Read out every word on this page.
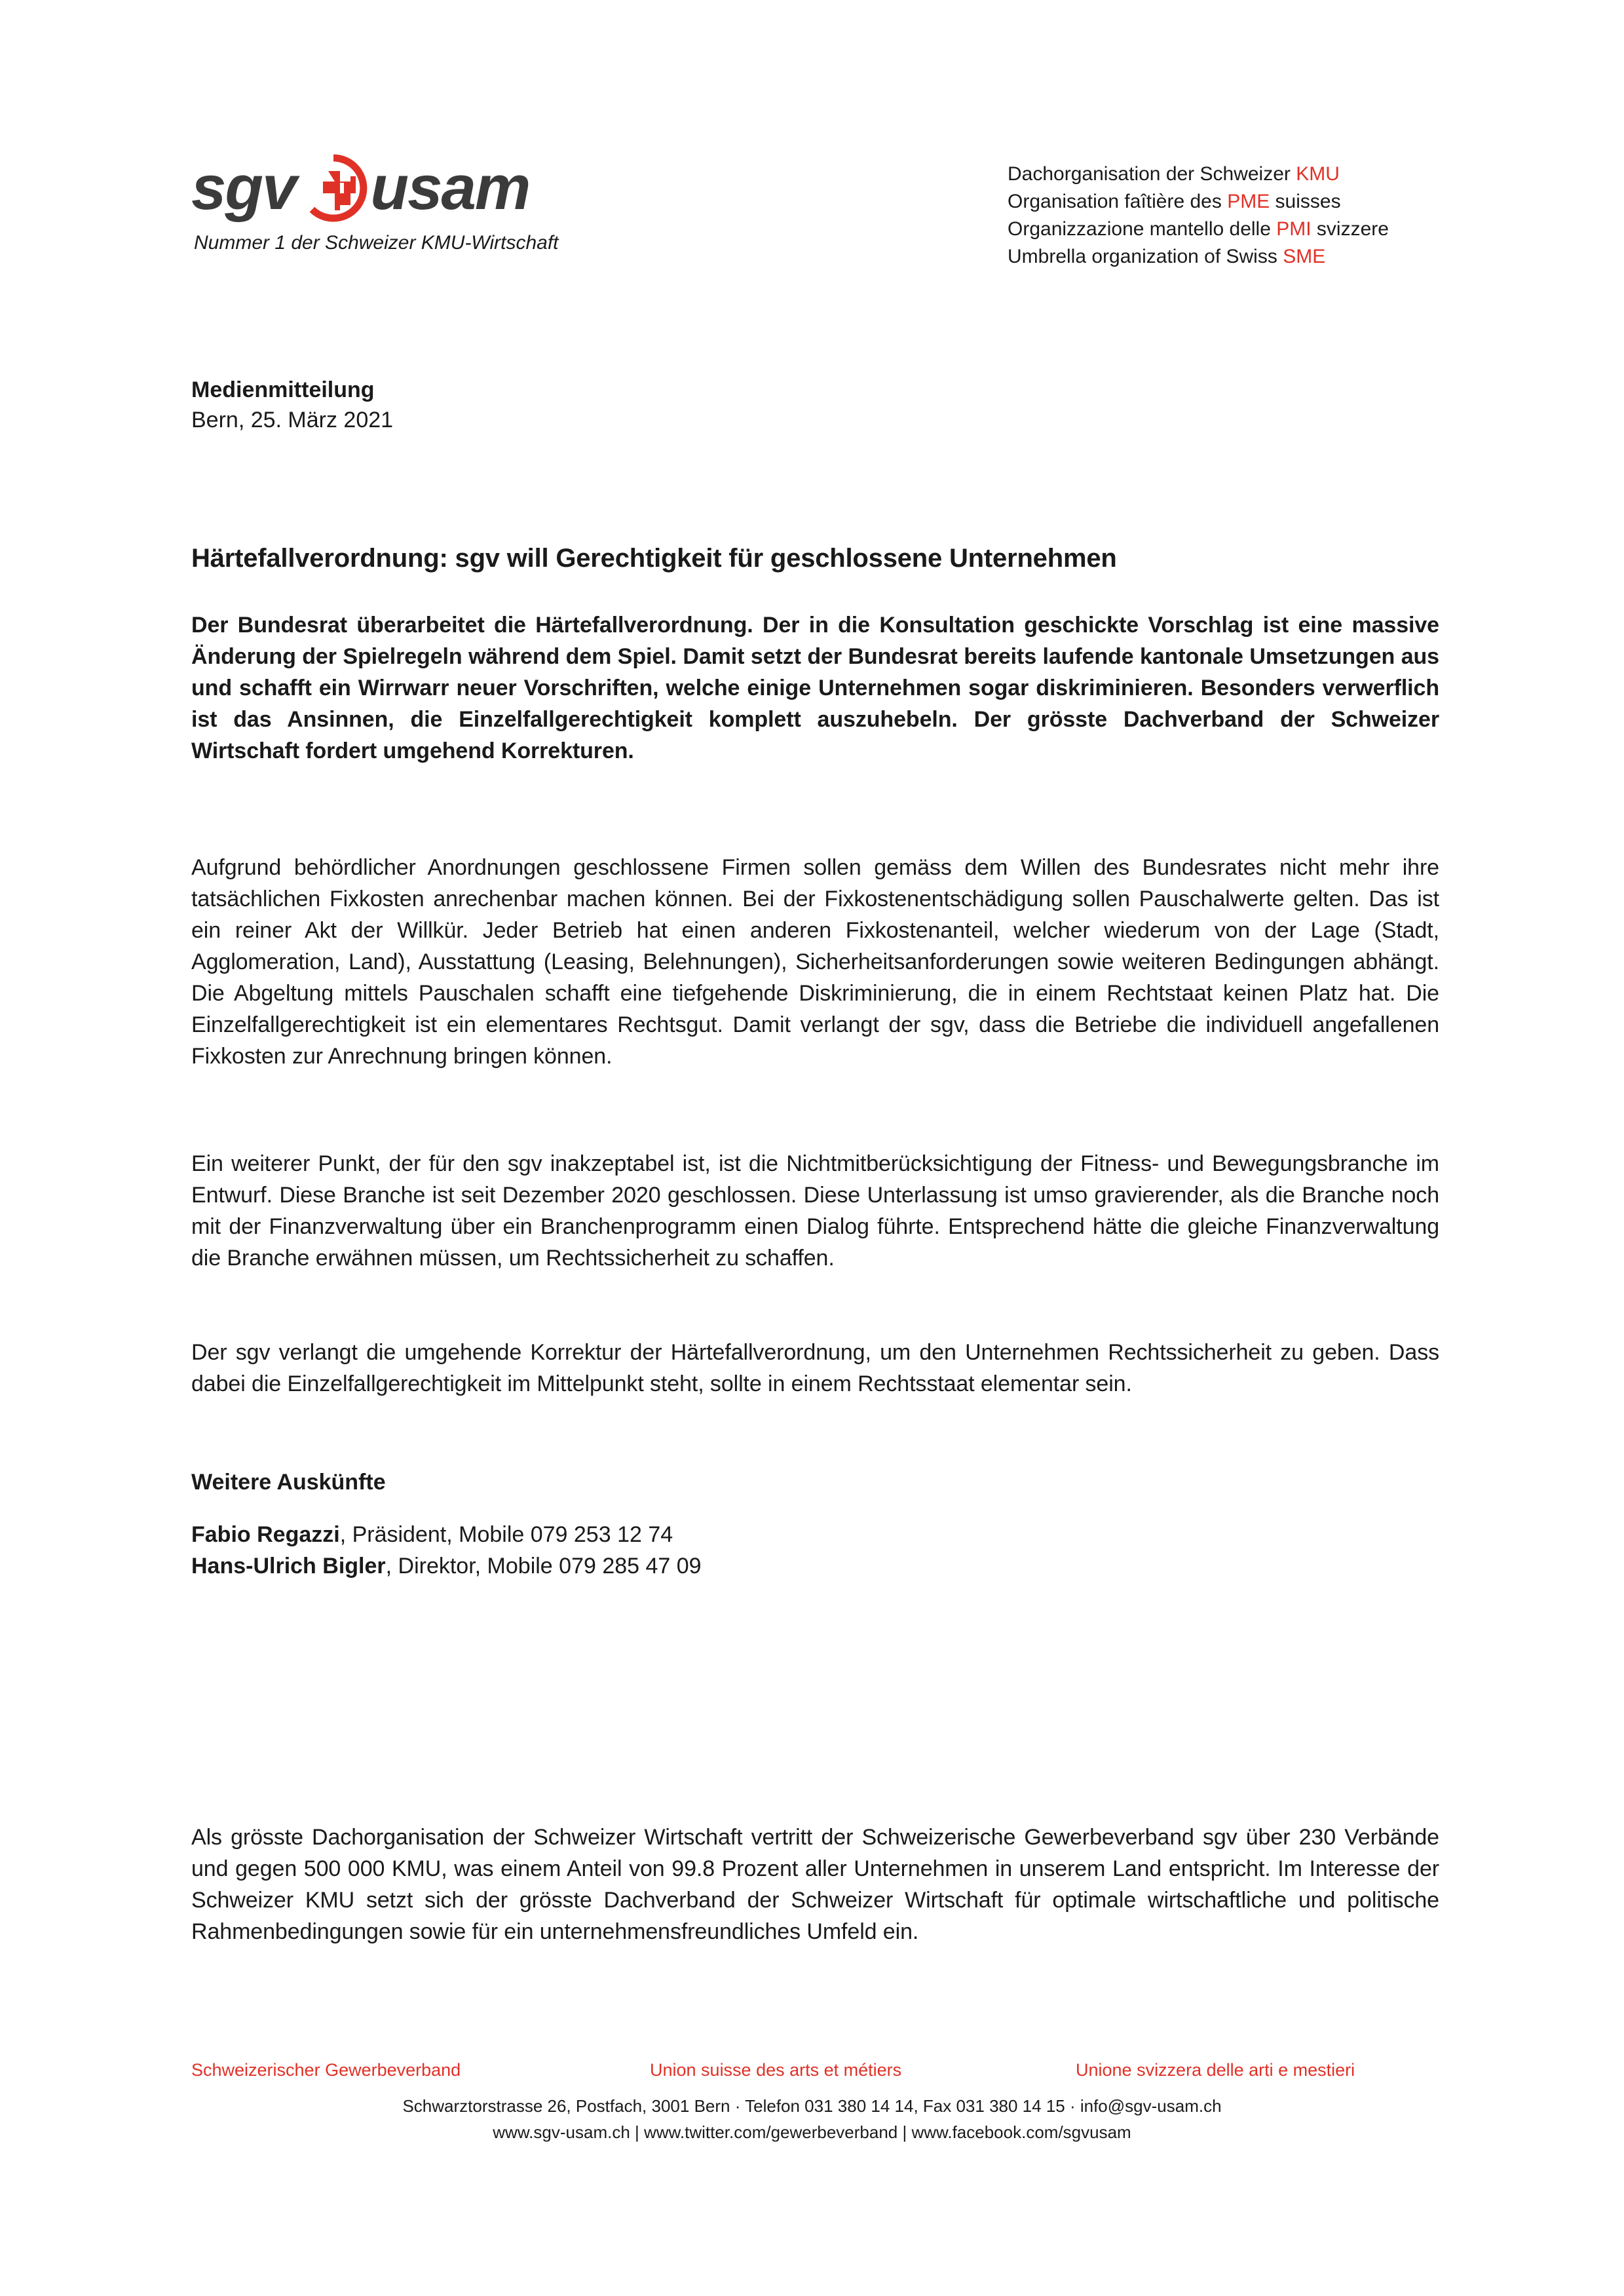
sgv usam
Nummer 1 der Schweizer KMU-Wirtschaft
Dachorganisation der Schweizer KMU
Organisation faîtière des PME suisses
Organizzazione mantello delle PMI svizzere
Umbrella organization of Swiss SME
Medienmitteilung
Bern, 25. März 2021
Härtefallverordnung: sgv will Gerechtigkeit für geschlossene Unternehmen
Der Bundesrat überarbeitet die Härtefallverordnung. Der in die Konsultation geschickte Vorschlag ist eine massive Änderung der Spielregeln während dem Spiel. Damit setzt der Bundesrat bereits laufende kantonale Umsetzungen aus und schafft ein Wirrwarr neuer Vorschriften, welche einige Unternehmen sogar diskriminieren. Besonders verwerflich ist das Ansinnen, die Einzelfallgerechtigkeit komplett auszuhebeln. Der grösste Dachverband der Schweizer Wirtschaft fordert umgehend Korrekturen.
Aufgrund behördlicher Anordnungen geschlossene Firmen sollen gemäss dem Willen des Bundesrates nicht mehr ihre tatsächlichen Fixkosten anrechenbar machen können. Bei der Fixkostenentschädigung sollen Pauschalwerte gelten. Das ist ein reiner Akt der Willkür. Jeder Betrieb hat einen anderen Fixkostenanteil, welcher wiederum von der Lage (Stadt, Agglomeration, Land), Ausstattung (Leasing, Belehnungen), Sicherheitsanforderungen sowie weiteren Bedingungen abhängt. Die Abgeltung mittels Pauschalen schafft eine tiefgehende Diskriminierung, die in einem Rechtstaat keinen Platz hat. Die Einzelfallgerechtigkeit ist ein elementares Rechtsgut. Damit verlangt der sgv, dass die Betriebe die individuell angefallenen Fixkosten zur Anrechnung bringen können.
Ein weiterer Punkt, der für den sgv inakzeptabel ist, ist die Nichtmitberücksichtigung der Fitness- und Bewegungsbranche im Entwurf. Diese Branche ist seit Dezember 2020 geschlossen. Diese Unterlassung ist umso gravierender, als die Branche noch mit der Finanzverwaltung über ein Branchenprogramm einen Dialog führte. Entsprechend hätte die gleiche Finanzverwaltung die Branche erwähnen müssen, um Rechtssicherheit zu schaffen.
Der sgv verlangt die umgehende Korrektur der Härtefallverordnung, um den Unternehmen Rechtssicherheit zu geben. Dass dabei die Einzelfallgerechtigkeit im Mittelpunkt steht, sollte in einem Rechtsstaat elementar sein.
Weitere Auskünfte
Fabio Regazzi, Präsident, Mobile 079 253 12 74
Hans-Ulrich Bigler, Direktor, Mobile 079 285 47 09
Als grösste Dachorganisation der Schweizer Wirtschaft vertritt der Schweizerische Gewerbeverband sgv über 230 Verbände und gegen 500 000 KMU, was einem Anteil von 99.8 Prozent aller Unternehmen in unserem Land entspricht. Im Interesse der Schweizer KMU setzt sich der grösste Dachverband der Schweizer Wirtschaft für optimale wirtschaftliche und politische Rahmenbedingungen sowie für ein unternehmensfreundliches Umfeld ein.
Schweizerischer Gewerbeverband	Union suisse des arts et métiers	Unione svizzera delle arti e mestieri
Schwarztorstrasse 26, Postfach, 3001 Bern · Telefon 031 380 14 14, Fax 031 380 14 15 · info@sgv-usam.ch
www.sgv-usam.ch | www.twitter.com/gewerbeverband | www.facebook.com/sgvusam
